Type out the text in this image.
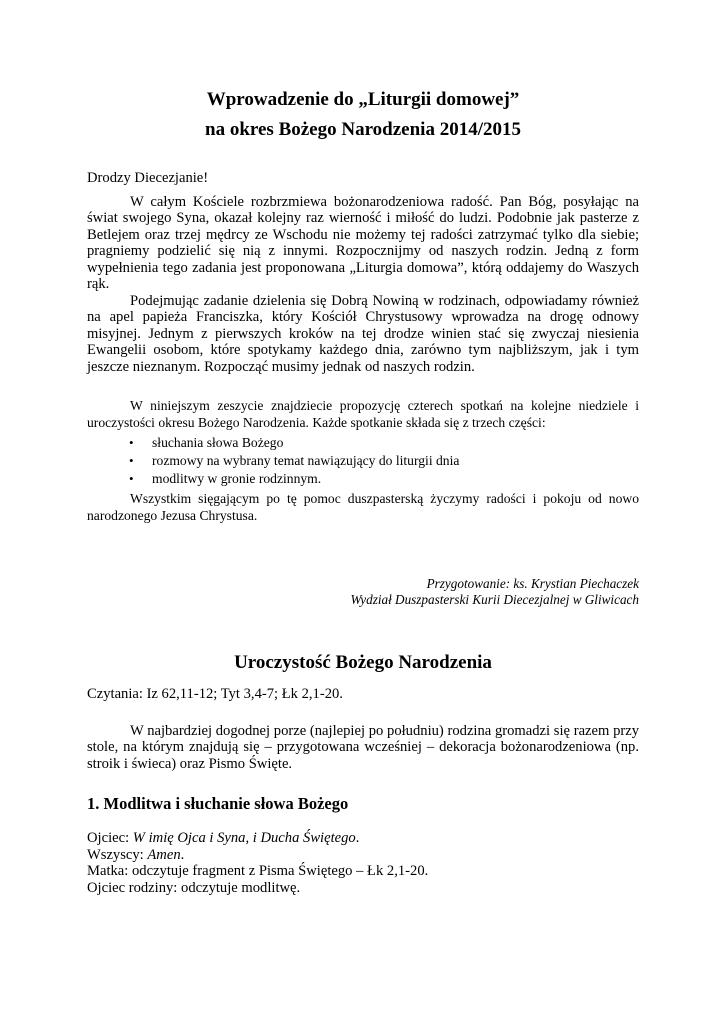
Wprowadzenie do „Liturgii domowej”

na okres Bożego Narodzenia 2014/2015

Drodzy Diecezjanie!

W całym Kościele rozbrzmiewa bożonarodzeniowa radość. Pan Bóg, posyłając na świat swojego Syna, okazał kolejny raz wierność i miłość do ludzi. Podobnie jak pasterze z Betlejem oraz trzej mędrcy ze Wschodu nie możemy tej radości zatrzymać tylko dla siebie; pragniemy podzielić się nią z innymi. Rozpocznijmy od naszych rodzin. Jedną z form wypełnienia tego zadania jest proponowana „Liturgia domowa”, którą oddajemy do Waszych rąk.

Podejmując zadanie dzielenia się Dobrą Nowiną w rodzinach, odpowiadamy również na apel papieża Franciszka, który Kościół Chrystusowy wprowadza na drogę odnowy misyjnej. Jednym z pierwszych kroków na tej drodze winien stać się zwyczaj niesienia Ewangelii osobom, które spotykamy każdego dnia, zarówno tym najbliższym, jak i tym jeszcze nieznanym. Rozpocząć musimy jednak od naszych rodzin.

W niniejszym zeszycie znajdziecie propozycję czterech spotkań na kolejne niedziele i uroczystości okresu Bożego Narodzenia. Każde spotkanie składa się z trzech części:

• słuchania słowa Bożego
• rozmowy na wybrany temat nawiązujący do liturgii dnia
• modlitwy w gronie rodzinnym.

Wszystkim sięgającym po tę pomoc duszpasterską życzymy radości i pokoju od nowo narodzonego Jezusa Chrystusa.

Przygotowanie: ks. Krystian Piechaczek

Wydział Duszpasterski Kurii Diecezjalnej w Gliwicach

Uroczystość Bożego Narodzenia

Czytania: Iz 62,11-12; Tyt 3,4-7; Łk 2,1-20.

W najbardziej dogodnej porze (najlepiej po południu) rodzina gromadzi się razem przy stole, na którym znajdują się – przygotowana wcześniej – dekoracja bożonarodzeniowa (np. stroik i świeca) oraz Pismo Święte.

1. Modlitwa i słuchanie słowa Bożego

Ojciec: W imię Ojca i Syna, i Ducha Świętego.

Wszyscy: Amen.

Matka: odczytuje fragment z Pisma Świętego – Łk 2,1-20.

Ojciec rodziny: odczytuje modlitwę.
